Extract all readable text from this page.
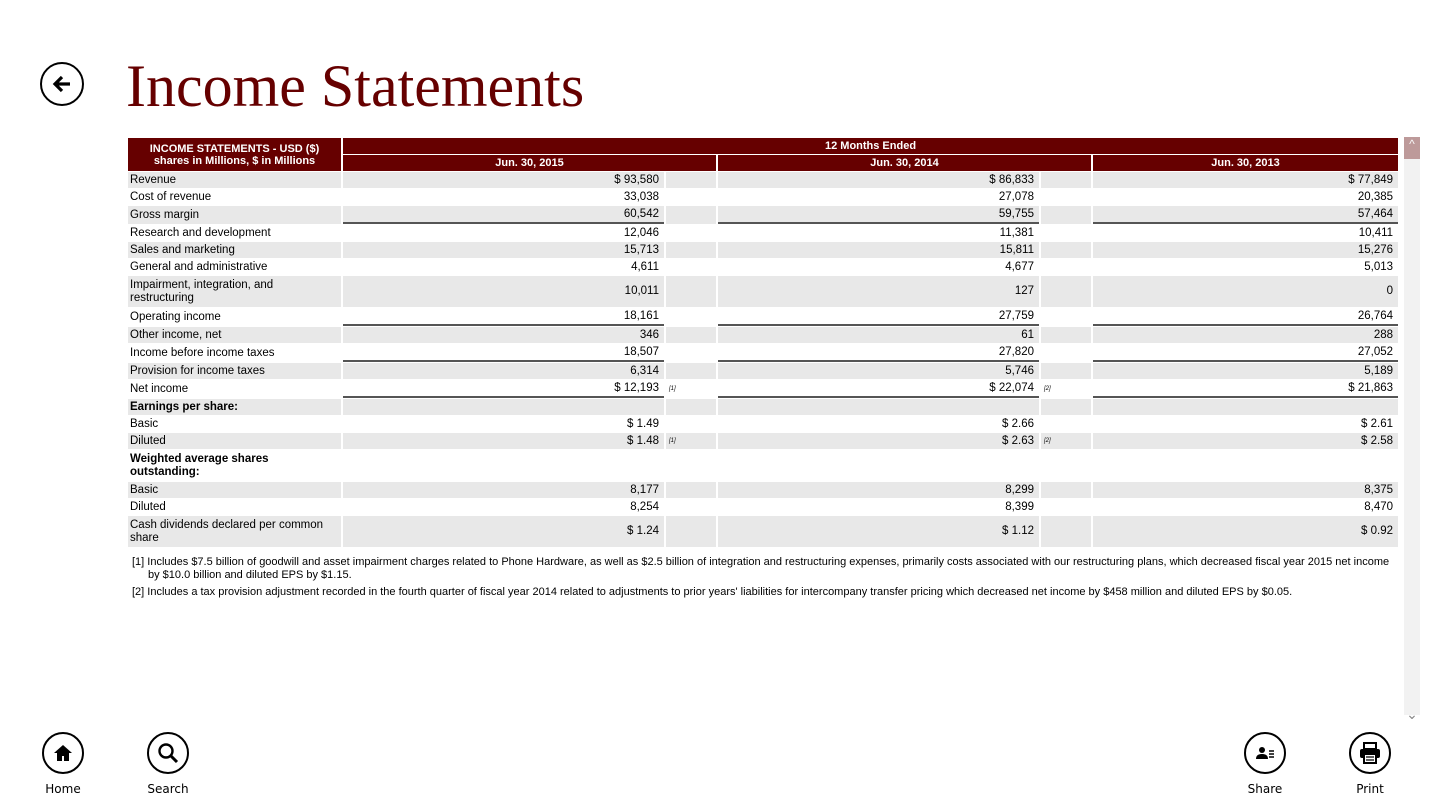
Income Statements
INCOME STATEMENTS - USD ($)
shares in Millions, $ in Millions	12 Months Ended				
	Jun. 30, 2015		Jun. 30, 2014		Jun. 30, 2013
Revenue	$ 93,580		$ 86,833		$ 77,849
Cost of revenue	33,038		27,078		20,385
Gross margin	60,542		59,755		57,464
Research and development	12,046		11,381		10,411
Sales and marketing	15,713		15,811		15,276
General and administrative	4,611		4,677		5,013
Impairment, integration, and restructuring	10,011		127		0
Operating income	18,161		27,759		26,764
Other income, net	346		61		288
Income before income taxes	18,507		27,820		27,052
Provision for income taxes	6,314		5,746		5,189
Net income	$ 12,193	[1]	$ 22,074	[2]	$ 21,863
Earnings per share:					
Basic	$ 1.49		$ 2.66		$ 2.61
Diluted	$ 1.48	[1]	$ 2.63	[2]	$ 2.58
Weighted average shares outstanding:					
Basic	8,177		8,299		8,375
Diluted	8,254		8,399		8,470
Cash dividends declared per common share	$ 1.24		$ 1.12		$ 0.92

[1] Includes $7.5 billion of goodwill and asset impairment charges related to Phone Hardware, as well as $2.5 billion of integration and restructuring expenses, primarily costs associated with our restructuring plans, which decreased fiscal year 2015 net income by $10.0 billion and diluted EPS by $1.15.

[2] Includes a tax provision adjustment recorded in the fourth quarter of fiscal year 2014 related to adjustments to prior years' liabilities for intercompany transfer pricing which decreased net income by $458 million and diluted EPS by $0.05.

^
⌄
Home	Search	Share	Print
